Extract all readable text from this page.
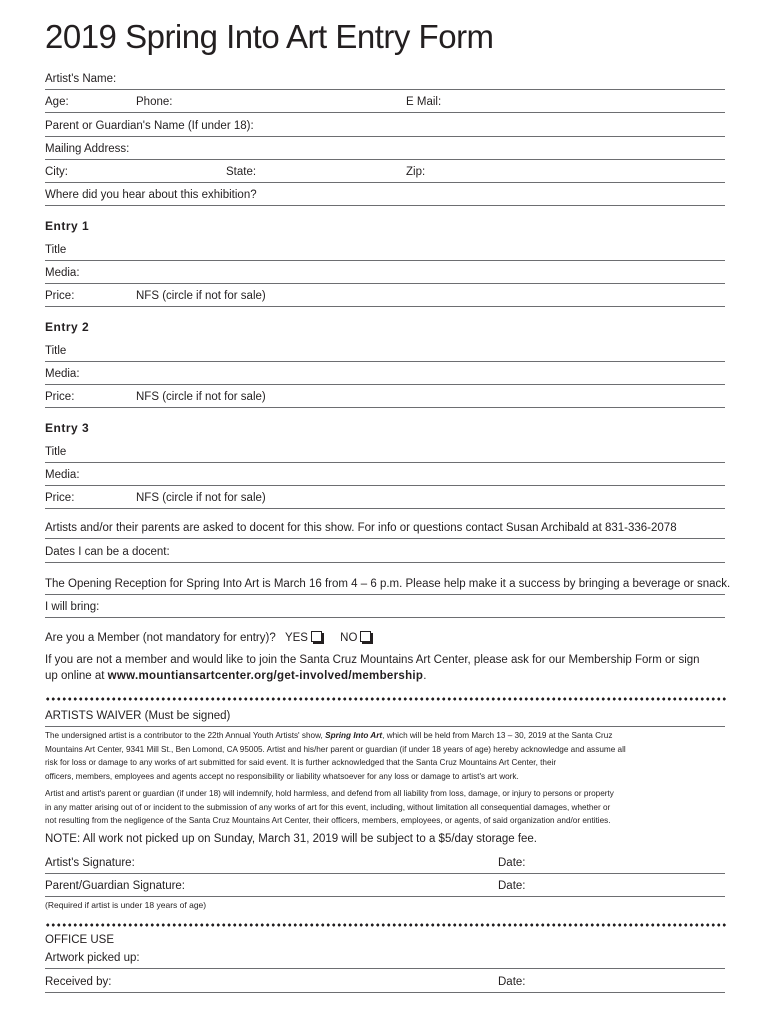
2019 Spring Into Art Entry Form
Artist's Name:
Age:	Phone:	E Mail:
Parent or Guardian's Name (If under 18):
Mailing Address:
City:	State:	Zip:
Where did you hear about this exhibition?
Entry 1
Title
Media:
Price:	NFS (circle if not for sale)
Entry 2
Title
Media:
Price:	NFS (circle if not for sale)
Entry 3
Title
Media:
Price:	NFS (circle if not for sale)
Artists and/or their parents are asked to docent for this show. For info or questions contact Susan Archibald at 831-336-2078
Dates I can be a docent:
The Opening Reception for Spring Into Art is March 16 from 4 – 6 p.m. Please help make it a success by bringing a beverage or snack.
I will bring:
Are you a Member (not mandatory for entry)? YES	NO
If you are not a member and would like to join the Santa Cruz Mountains Art Center, please ask for our Membership Form or sign
up online at www.mountiansartcenter.org/get-involved/membership.
ARTISTS WAIVER (Must be signed)
The undersigned artist is a contributor to the 22th Annual Youth Artists' show, Spring Into Art, which will be held from March 13 – 30, 2019 at the Santa Cruz
Mountains Art Center, 9341 Mill St., Ben Lomond, CA 95005. Artist and his/her parent or guardian (if under 18 years of age) hereby acknowledge and assume all
risk for loss or damage to any works of art submitted for said event. It is further acknowledged that the Santa Cruz Mountains Art Center, their
officers, members, employees and agents accept no responsibility or liability whatsoever for any loss or damage to artist's art work.
Artist and artist's parent or guardian (if under 18) will indemnify, hold harmless, and defend from all liability from loss, damage, or injury to persons or property
in any matter arising out of or incident to the submission of any works of art for this event, including, without limitation all consequential damages, whether or
not resulting from the negligence of the Santa Cruz Mountains Art Center, their officers, members, employees, or agents, of said organization and/or entities.
NOTE: All work not picked up on Sunday, March 31, 2019 will be subject to a $5/day storage fee.
Artist's Signature:	Date:
Parent/Guardian Signature:	Date:
(Required if artist is under 18 years of age)
OFFICE USE
Artwork picked up:
Received by:	Date:
